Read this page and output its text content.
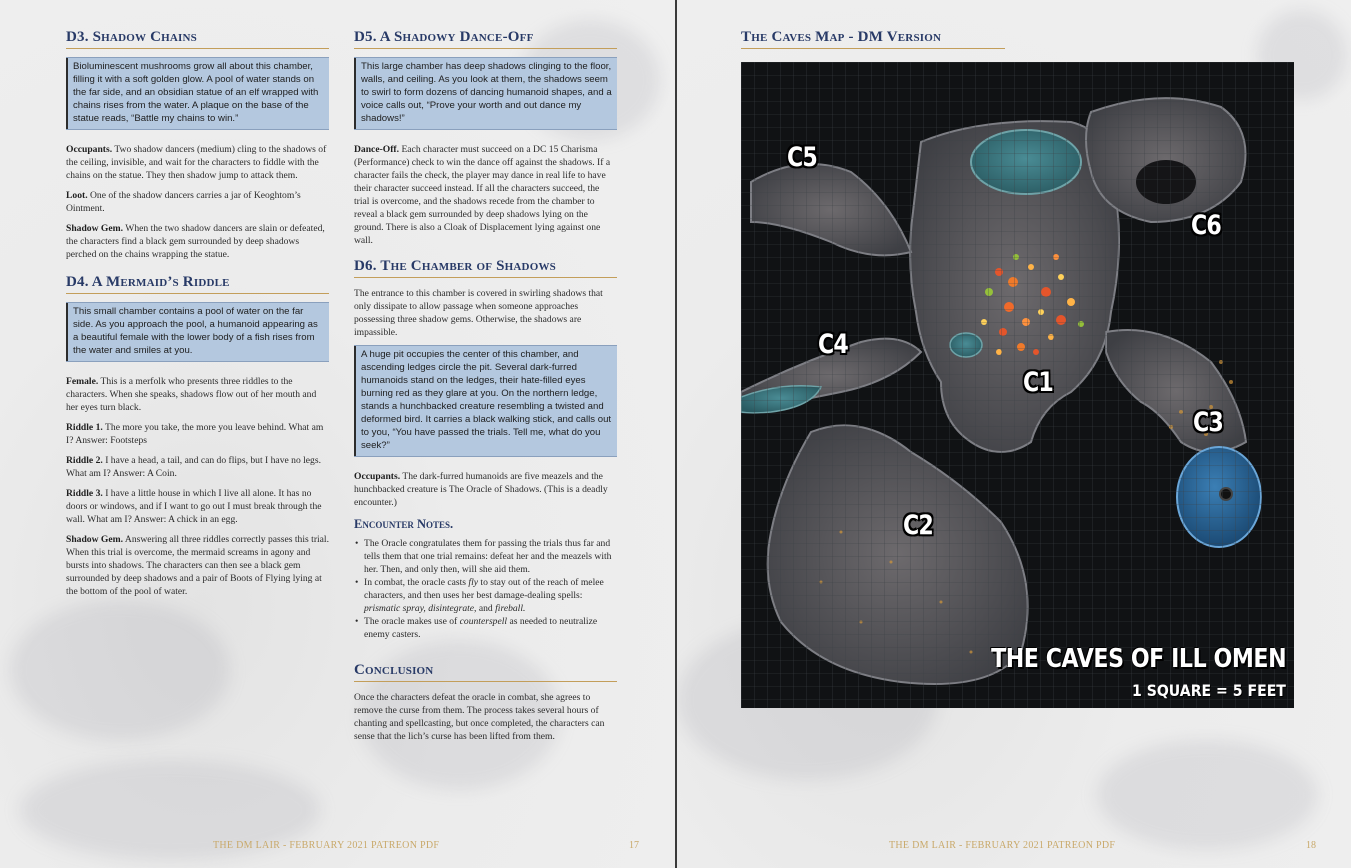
D3. Shadow Chains
Bioluminescent mushrooms grow all about this chamber, filling it with a soft golden glow. A pool of water stands on the far side, and an obsidian statue of an elf wrapped with chains rises from the water. A plaque on the base of the statue reads, “Battle my chains to win.”

Occupants. Two shadow dancers (medium) cling to the shadows of the ceiling, invisible, and wait for the characters to fiddle with the chains on the statue. They then shadow jump to attack them.

Loot. One of the shadow dancers carries a jar of Keoghtom’s Ointment.

Shadow Gem. When the two shadow dancers are slain or defeated, the characters find a black gem surrounded by deep shadows perched on the chains wrapping the statue.

D4. A Mermaid’s Riddle
This small chamber contains a pool of water on the far side. As you approach the pool, a humanoid appearing as a beautiful female with the lower body of a fish rises from the water and smiles at you.

Female. This is a merfolk who presents three riddles to the characters. When she speaks, shadows flow out of her mouth and her eyes turn black.

Riddle 1. The more you take, the more you leave behind. What am I? Answer: Footsteps

Riddle 2. I have a head, a tail, and can do flips, but I have no legs. What am I? Answer: A Coin.

Riddle 3. I have a little house in which I live all alone. It has no doors or windows, and if I want to go out I must break through the wall. What am I? Answer: A chick in an egg.

Shadow Gem. Answering all three riddles correctly passes this trial. When this trial is overcome, the mermaid screams in agony and bursts into shadows. The characters can then see a black gem surrounded by deep shadows and a pair of Boots of Flying lying at the bottom of the pool of water.

D5. A Shadowy Dance-Off
This large chamber has deep shadows clinging to the floor, walls, and ceiling. As you look at them, the shadows seem to swirl to form dozens of dancing humanoid shapes, and a voice calls out, “Prove your worth and out dance my shadows!”

Dance-Off. Each character must succeed on a DC 15 Charisma (Performance) check to win the dance off against the shadows. If a character fails the check, the player may dance in real life to have their character succeed instead. If all the characters succeed, the trial is overcome, and the shadows recede from the chamber to reveal a black gem surrounded by deep shadows lying on the ground. There is also a Cloak of Displacement lying against one wall.

D6. The Chamber of Shadows

The entrance to this chamber is covered in swirling shadows that only dissipate to allow passage when someone approaches possessing three shadow gems. Otherwise, the shadows are impassible.

A huge pit occupies the center of this chamber, and ascending ledges circle the pit. Several dark-furred humanoids stand on the ledges, their hate-filled eyes burning red as they glare at you. On the northern ledge, stands a hunchbacked creature resembling a twisted and deformed bird. It carries a black walking stick, and calls out to you, “You have passed the trials. Tell me, what do you seek?”

Occupants. The dark-furred humanoids are five meazels and the hunchbacked creature is The Oracle of Shadows. (This is a deadly encounter.)

Encounter Notes.
• The Oracle congratulates them for passing the trials thus far and tells them that one trial remains: defeat her and the meazels with her. Then, and only then, will she aid them.
• In combat, the oracle casts fly to stay out of the reach of melee characters, and then uses her best damage-dealing spells: prismatic spray, disintegrate, and fireball.
• The oracle makes use of counterspell as needed to neutralize enemy casters.
Conclusion

Once the characters defeat the oracle in combat, she agrees to remove the curse from them. The process takes several hours of chanting and spellcasting, but once completed, the characters can sense that the lich’s curse has been lifted from them.

THE DM LAIR - FEBRUARY 2021 PATREON PDF	17
The Caves Map - DM Version
C5
C6
C4
C1
C3
C2
THE CAVES OF ILL OMEN
1 SQUARE = 5 FEET
THE DM LAIR - FEBRUARY 2021 PATREON PDF	18
